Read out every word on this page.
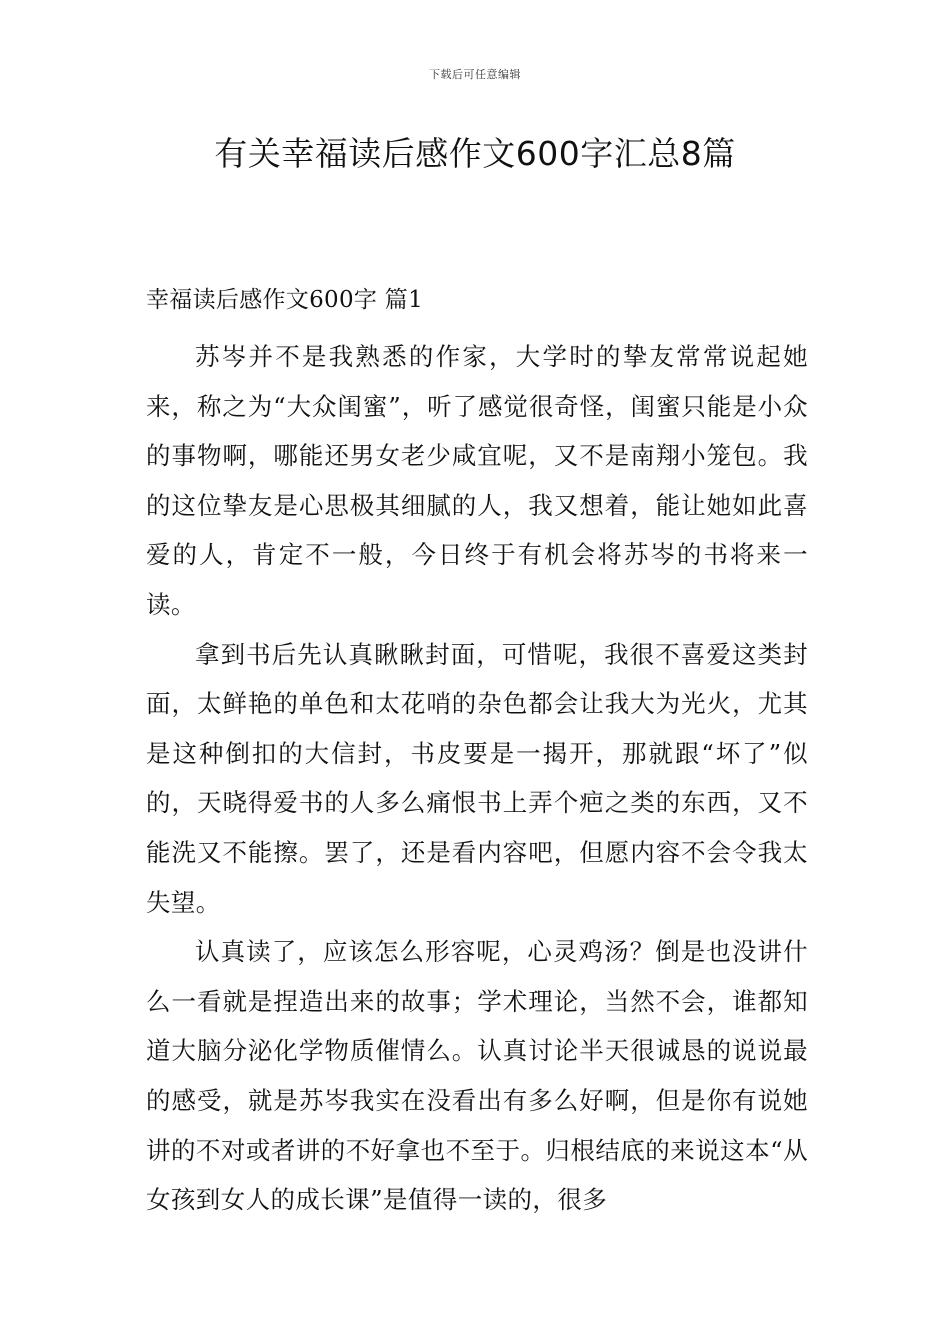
下载后可任意编辑
有关幸福读后感作文600字汇总8篇
幸福读后感作文600字 篇1

苏岑并不是我熟悉的作家，大学时的挚友常常说起她来，称之为“大众闺蜜”，听了感觉很奇怪，闺蜜只能是小众的事物啊，哪能还男女老少咸宜呢，又不是南翔小笼包。我的这位挚友是心思极其细腻的人，我又想着，能让她如此喜爱的人，肯定不一般，今日终于有机会将苏岑的书将来一读。

拿到书后先认真瞅瞅封面，可惜呢，我很不喜爱这类封面，太鲜艳的单色和太花哨的杂色都会让我大为光火，尤其是这种倒扣的大信封，书皮要是一揭开，那就跟“坏了”似的，天晓得爱书的人多么痛恨书上弄个疤之类的东西，又不能洗又不能擦。罢了，还是看内容吧，但愿内容不会令我太失望。

认真读了，应该怎么形容呢，心灵鸡汤？倒是也没讲什么一看就是捏造出来的故事；学术理论，当然不会，谁都知道大脑分泌化学物质催情么。认真讨论半天很诚恳的说说最的感受，就是苏岑我实在没看出有多么好啊，但是你有说她讲的不对或者讲的不好拿也不至于。归根结底的来说这本“从女孩到女人的成长课”是值得一读的，很多
